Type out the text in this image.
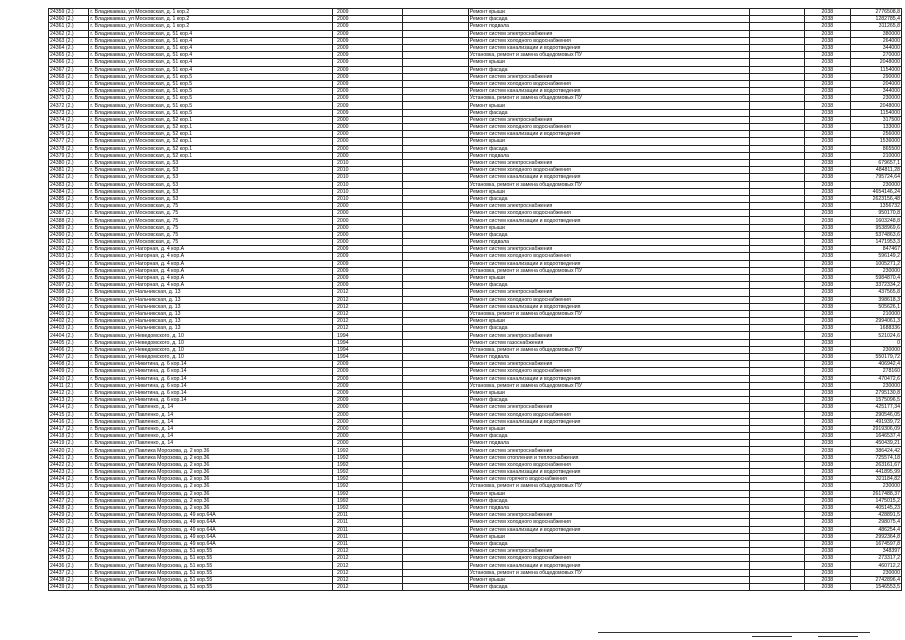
24359 (2.)	г. Владикавказ, ул Московская, д. 1 кор.2	2009		Ремонт крыши		2038	2776508,8
24360 (2.)	г. Владикавказ, ул Московская, д. 1 кор.2	2009		Ремонт фасада		2038	1282785,4
24361 (2.)	г. Владикавказ, ул Московская, д. 1 кор.2	2009		Ремонт подвала		2038	311265,8
24362 (2.)	г. Владикавказ, ул Московская, д. 51 кор.4	2009		Ремонт систем электроснабжения		2038	380000
24363 (2.)	г. Владикавказ, ул Московская, д. 51 кор.4	2009		Ремонт систем холодного водоснабжения		2038	264000
24364 (2.)	г. Владикавказ, ул Московская, д. 51 кор.4	2009		Ремонт систем канализации и водоотведения		2038	344000
24365 (2.)	г. Владикавказ, ул Московская, д. 51 кор.4	2009		Установка, ремонт и замена общедомовых ПУ		2038	270000
24366 (2.)	г. Владикавказ, ул Московская, д. 51 кор.4	2009		Ремонт крыши		2038	2048000
24367 (2.)	г. Владикавказ, ул Московская, д. 51 кор.4	2009		Ремонт фасада		2038	1154000
24368 (2.)	г. Владикавказ, ул Московская, д. 51 кор.5	2009		Ремонт систем электроснабжения		2038	290000
24369 (2.)	г. Владикавказ, ул Московская, д. 51 кор.5	2009		Ремонт систем холодного водоснабжения		2038	204000
24370 (2.)	г. Владикавказ, ул Московская, д. 51 кор.5	2009		Ремонт систем канализации и водоотведения		2038	344000
24371 (2.)	г. Владикавказ, ул Московская, д. 51 кор.5	2009		Установка, ремонт и замена общедомовых ПУ		2038	230000
24372 (2.)	г. Владикавказ, ул Московская, д. 51 кор.5	2009		Ремонт крыши		2038	2048000
24373 (2.)	г. Владикавказ, ул Московская, д. 51 кор.5	2009		Ремонт фасада		2038	1154000
24374 (2.)	г. Владикавказ, ул Московская, д. 52 кор.1	2000		Ремонт систем электроснабжения		2038	317500
24375 (2.)	г. Владикавказ, ул Московская, д. 52 кор.1	2000		Ремонт систем холодного водоснабжения		2038	133000
24376 (2.)	г. Владикавказ, ул Московская, д. 52 кор.1	2000		Ремонт систем канализации и водоотведения		2038	256000
24377 (2.)	г. Владикавказ, ул Московская, д. 52 кор.1	2000		Ремонт крыши		2038	1536000
24378 (2.)	г. Владикавказ, ул Московская, д. 52 кор.1	2000		Ремонт фасада		2038	865500
24379 (2.)	г. Владикавказ, ул Московская, д. 52 кор.1	2000		Ремонт подвала		2038	210000
24380 (2.)	г. Владикавказ, ул Московская, д. 53	2010		Ремонт систем электроснабжения		2038	679657,1
24381 (2.)	г. Владикавказ, ул Московская, д. 53	2010		Ремонт систем холодного водоснабжения		2038	484811,28
24382 (2.)	г. Владикавказ, ул Московская, д. 53	2010		Ремонт систем канализации и водоотведения		2038	795724,64
24383 (2.)	г. Владикавказ, ул Московская, д. 53	2010		Установка, ремонт и замена общедомовых ПУ		2038	230000
24384 (2.)	г. Владикавказ, ул Московская, д. 53	2010		Ремонт крыши		2038	4654146,24
24385 (2.)	г. Владикавказ, ул Московская, д. 53	2010		Ремонт фасада		2038	2623156,48
24386 (2.)	г. Владикавказ, ул Московская, д. 75	2000		Ремонт систем электроснабжения		2038	1356732
24387 (2.)	г. Владикавказ, ул Московская, д. 75	2000		Ремонт систем холодного водоснабжения		2038	950170,8
24388 (2.)	г. Владикавказ, ул Московская, д. 75	2000		Ремонт систем канализации и водоотведения		2038	1603248,8
24389 (2.)	г. Владикавказ, ул Московская, д. 75	2000		Ремонт крыши		2038	9538969,6
24390 (2.)	г. Владикавказ, ул Московская, д. 75	2000		Ремонт фасада		2038	5374863,6
24391 (2.)	г. Владикавказ, ул Московская, д. 75	2000		Ремонт подвала		2038	1471953,3
24392 (2.)	г. Владикавказ, ул Нагорная, д. 4 кор.А	2009		Ремонт систем электроснабжения		2038	847467
24393 (2.)	г. Владикавказ, ул Нагорная, д. 4 кор.А	2009		Ремонт систем холодного водоснабжения		2038	596149,2
24394 (2.)	г. Владикавказ, ул Нагорная, д. 4 кор.А	2009		Ремонт систем канализации и водоотведения		2038	1005271,2
24395 (2.)	г. Владикавказ, ул Нагорная, д. 4 кор.А	2009		Установка, ремонт и замена общедомовых ПУ		2038	230000
24396 (2.)	г. Владикавказ, ул Нагорная, д. 4 кор.А	2009		Ремонт крыши		2038	5984870,4
24397 (2.)	г. Владикавказ, ул Нагорная, д. 4 кор.А	2009		Ремонт фасада		2038	3372334,2
24398 (2.)	г. Владикавказ, ул Нальчикская, д. 13	2012		Ремонт систем электроснабжения		2038	437565,8
24399 (2.)	г. Владикавказ, ул Нальчикская, д. 13	2012		Ремонт систем холодного водоснабжения		2038	398618,3
24400 (2.)	г. Владикавказ, ул Нальчикская, д. 13	2012		Ремонт систем канализации и водоотведения		2038	505626,1
24401 (2.)	г. Владикавказ, ул Нальчикская, д. 13	2012		Установка, ремонт и замена общедомовых ПУ		2038	210000
24402 (2.)	г. Владикавказ, ул Нальчикская, д. 13	2012		Ремонт крыши		2038	2994061,3
24403 (2.)	г. Владикавказ, ул Нальчикская, д. 13	2012		Ремонт фасада		2038	1688336
24404 (2.)	г. Владикавказ, ул Неведомского, д. 10	1994		Ремонт систем электроснабжения		2038	521024,6
24405 (2.)	г. Владикавказ, ул Неведомского, д. 10	1994		Ремонт систем газоснабжения		2038	0
24406 (2.)	г. Владикавказ, ул Неведомского, д. 10	1994		Установка, ремонт и замена общедомовых ПУ		2038	230000
24407 (2.)	г. Владикавказ, ул Неведомского, д. 10	1994		Ремонт подвала		2038	550179,72
24408 (2.)	г. Владикавказ, ул Никитина, д. 6 кор.14	2009		Ремонт систем электроснабжения		2038	406942,4
24409 (2.)	г. Владикавказ, ул Никитина, д. 6 кор.14	2009		Ремонт систем холодного водоснабжения		2038	278160
24410 (2.)	г. Владикавказ, ул Никитина, д. 6 кор.14	2009		Ремонт систем канализации и водоотведения		2038	470472,6
24411 (2.)	г. Владикавказ, ул Никитина, д. 6 кор.14	2009		Установка, ремонт и замена общедомовых ПУ		2038	230000
24412 (2.)	г. Владикавказ, ул Никитина, д. 6 кор.14	2009		Ремонт крыши		2038	2795130,8
24413 (2.)	г. Владикавказ, ул Никитина, д. 6 кор.14	2009		Ремонт фасада		2038	1575096,5
24414 (2.)	г. Владикавказ, ул Павленко, д. 14	2000		Ремонт систем электроснабжения		2038	425177,34
24415 (2.)	г. Владикавказ, ул Павленко, д. 14	2000		Ремонт систем холодного водоснабжения		2038	290546,05
24416 (2.)	г. Владикавказ, ул Павленко, д. 14	2000		Ремонт систем канализации и водоотведения		2038	491939,72
24417 (2.)	г. Владикавказ, ул Павленко, д. 14	2000		Ремонт крыши		2038	2919306,09
24418 (2.)	г. Владикавказ, ул Павленко, д. 14	2000		Ремонт фасада		2038	1646537,4
24419 (2.)	г. Владикавказ, ул Павленко, д. 14	2000		Ремонт подвала		2038	450439,21
24420 (2.)	г. Владикавказ, ул Павлика Морозова, д. 2 кор.36	1992		Ремонт систем электроснабжения		2038	386424,42
24421 (2.)	г. Владикавказ, ул Павлика Морозова, д. 2 кор.36	1992		Ремонт систем отопления и теплоснабжения		2038	725574,18
24422 (2.)	г. Владикавказ, ул Павлика Морозова, д. 2 кор.36	1992		Ремонт систем холодного водоснабжения		2038	263161,67
24423 (2.)	г. Владикавказ, ул Павлика Морозова, д. 2 кор.36	1992		Ремонт систем канализации и водоотведения		2038	441895,99
24424 (2.)	г. Владикавказ, ул Павлика Морозова, д. 2 кор.36	1992		Ремонт систем горячего водоснабжения		2038	321184,82
24425 (2.)	г. Владикавказ, ул Павлика Морозова, д. 2 кор.36	1992		Установка, ремонт и замена общедомовых ПУ		2038	230000
24426 (2.)	г. Владикавказ, ул Павлика Морозова, д. 2 кор.36	1992		Ремонт крыши		2038	2617488,37
24427 (2.)	г. Владикавказ, ул Павлика Морозова, д. 2 кор.36	1992		Ремонт фасада		2038	1475015,2
24428 (2.)	г. Владикавказ, ул Павлика Морозова, д. 2 кор.36	1992		Ремонт подвала		2038	405145,23
24429 (2.)	г. Владикавказ, ул Павлика Морозова, д. 49 кор.64А	2011		Ремонт систем электроснабжения		2038	428891,5
24430 (2.)	г. Владикавказ, ул Павлика Морозова, д. 49 кор.64А	2011		Ремонт систем холодного водоснабжения		2038	298075,4
24431 (2.)	г. Владикавказ, ул Павлика Морозова, д. 49 кор.64А	2011		Ремонт систем канализации и водоотведения		2038	486254,4
24432 (2.)	г. Владикавказ, ул Павлика Морозова, д. 49 кор.64А	2011		Ремонт крыши		2038	2992364,8
24433 (2.)	г. Владикавказ, ул Павлика Морозова, д. 49 кор.64А	2011		Ремонт фасада		2038	1674597,8
24434 (2.)	г. Владикавказ, ул Павлика Морозова, д. 51 кор.55	2012		Ремонт систем электроснабжения		2038	348397
24435 (2.)	г. Владикавказ, ул Павлика Морозова, д. 51 кор.55	2012		Ремонт систем холодного водоснабжения		2038	273317,2
24436 (2.)	г. Владикавказ, ул Павлика Морозова, д. 51 кор.55	2012		Ремонт систем канализации и водоотведения		2038	460712,2
24437 (2.)	г. Владикавказ, ул Павлика Морозова, д. 51 кор.55	2012		Установка, ремонт и замена общедомовых ПУ		2038	230000
24438 (2.)	г. Владикавказ, ул Павлика Морозова, д. 51 кор.55	2012		Ремонт крыши		2038	2742896,4
24439 (2.)	г. Владикавказ, ул Павлика Морозова, д. 51 кор.55	2012		Ремонт фасада		2038	1546553,5
